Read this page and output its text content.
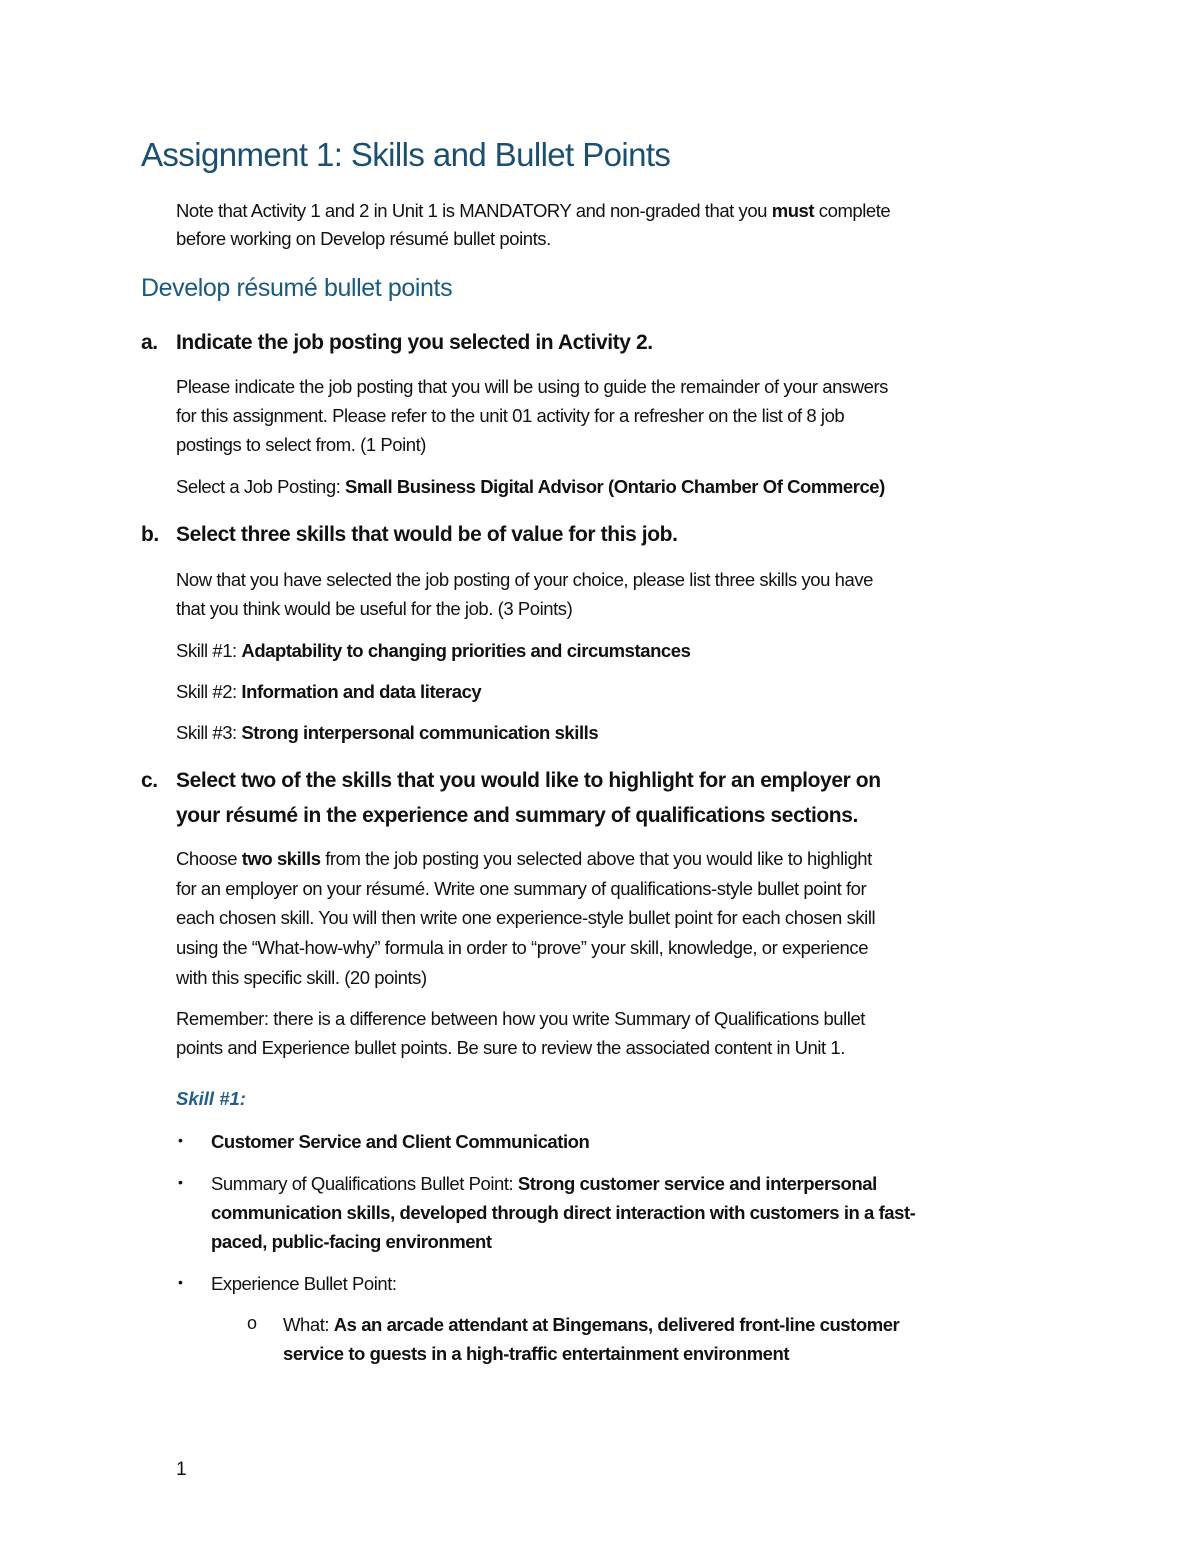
Assignment 1: Skills and Bullet Points
Note that Activity 1 and 2 in Unit 1 is MANDATORY and non-graded that you must complete
before working on Develop résumé bullet points.
Develop résumé bullet points
a. Indicate the job posting you selected in Activity 2.
Please indicate the job posting that you will be using to guide the remainder of your answers
for this assignment. Please refer to the unit 01 activity for a refresher on the list of 8 job
postings to select from. (1 Point)
Select a Job Posting: Small Business Digital Advisor (Ontario Chamber Of Commerce)
b. Select three skills that would be of value for this job.
Now that you have selected the job posting of your choice, please list three skills you have
that you think would be useful for the job. (3 Points)
Skill #1: Adaptability to changing priorities and circumstances
Skill #2: Information and data literacy
Skill #3: Strong interpersonal communication skills
c. Select two of the skills that you would like to highlight for an employer on
your résumé in the experience and summary of qualifications sections.
Choose two skills from the job posting you selected above that you would like to highlight
for an employer on your résumé. Write one summary of qualifications-style bullet point for
each chosen skill. You will then write one experience-style bullet point for each chosen skill
using the “What-how-why” formula in order to “prove” your skill, knowledge, or experience
with this specific skill. (20 points)
Remember: there is a difference between how you write Summary of Qualifications bullet
points and Experience bullet points. Be sure to review the associated content in Unit 1.
Skill #1:
• Customer Service and Client Communication
• Summary of Qualifications Bullet Point: Strong customer service and interpersonal
communication skills, developed through direct interaction with customers in a fast-
paced, public-facing environment
• Experience Bullet Point:
o What: As an arcade attendant at Bingemans, delivered front-line customer
service to guests in a high-traffic entertainment environment
1
